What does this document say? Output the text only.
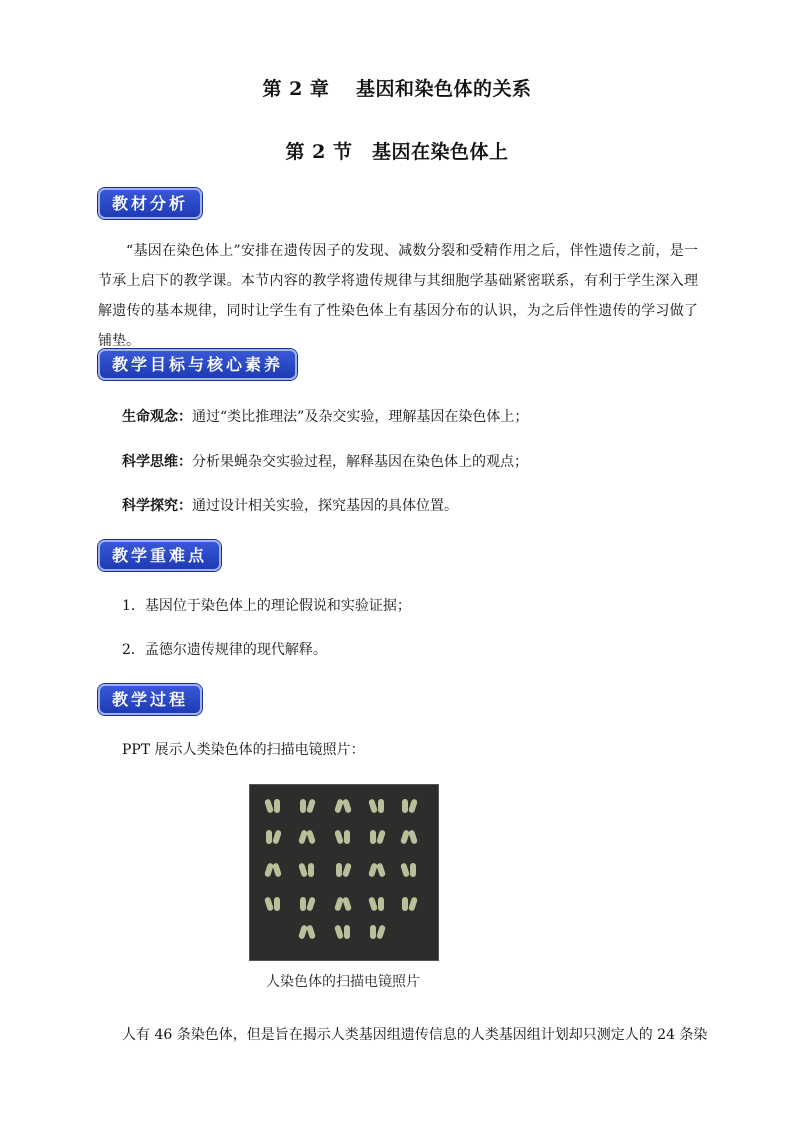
第 2 章　 基因和染色体的关系
第 2 节　基因在染色体上
教材分析
“基因在染色体上”安排在遗传因子的发现、减数分裂和受精作用之后，伴性遗传之前，是一节承上启下的教学课。本节内容的教学将遗传规律与其细胞学基础紧密联系，有利于学生深入理解遗传的基本规律，同时让学生有了性染色体上有基因分布的认识，为之后伴性遗传的学习做了铺垫。
教学目标与核心素养
生命观念：通过“类比推理法”及杂交实验，理解基因在染色体上；
科学思维：分析果蝇杂交实验过程，解释基因在染色体上的观点；
科学探究：通过设计相关实验，探究基因的具体位置。
教学重难点
1．基因位于染色体上的理论假说和实验证据；
2．孟德尔遗传规律的现代解释。
教学过程
PPT 展示人类染色体的扫描电镜照片：
人染色体的扫描电镜照片
人有 46 条染色体，但是旨在揭示人类基因组遗传信息的人类基因组计划却只测定人的 24 条染
